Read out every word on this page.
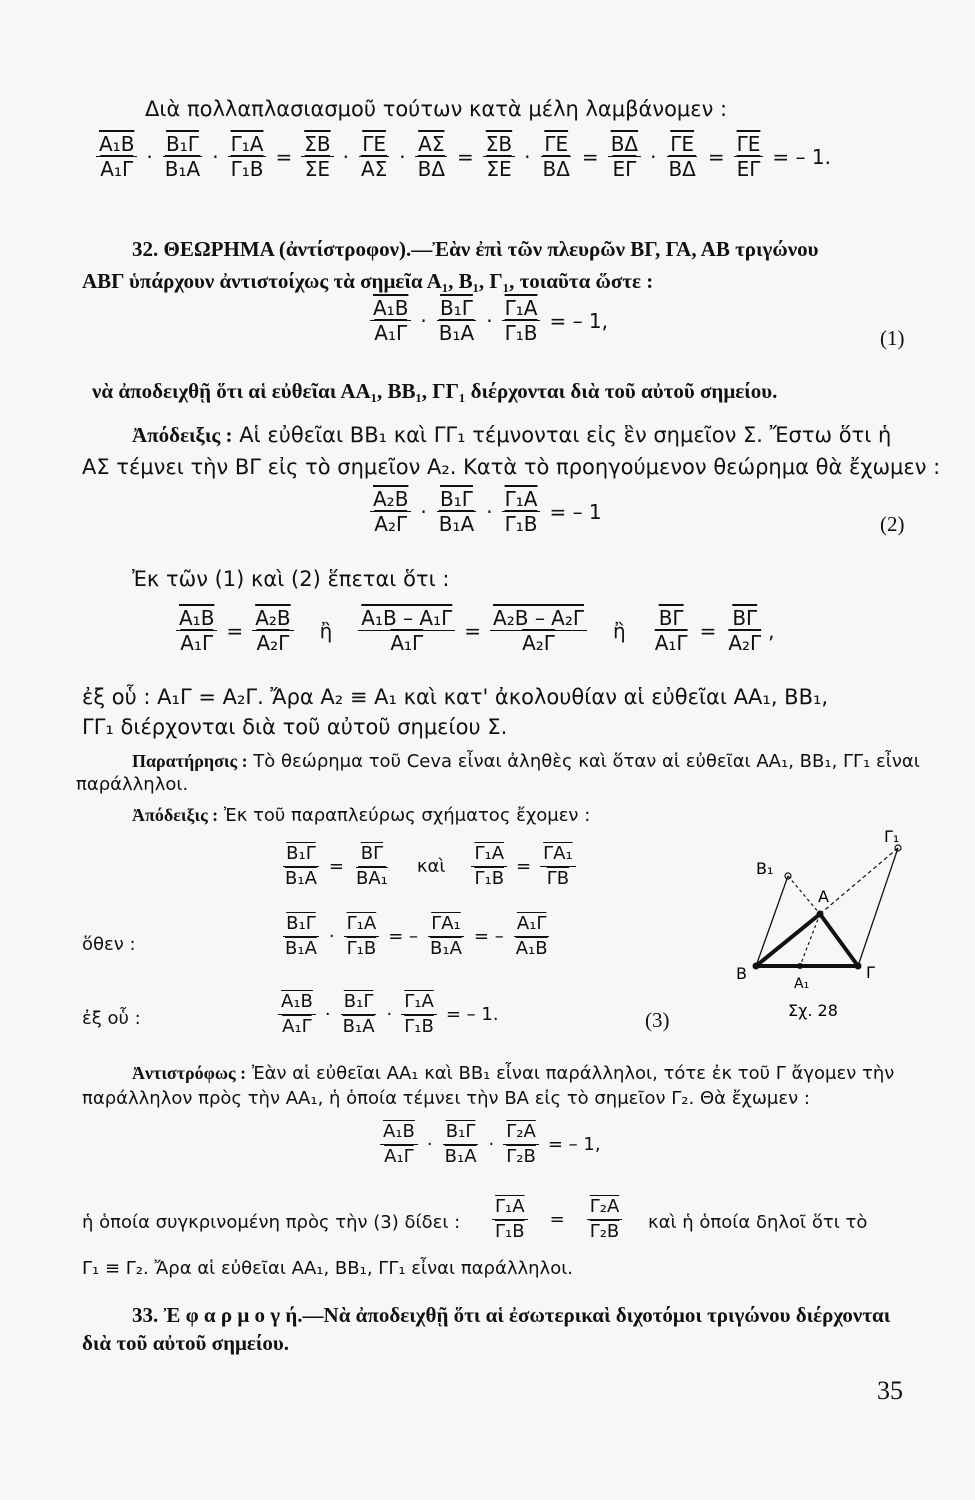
Διὰ πολλαπλασιασμοῦ τούτων κατὰ μέλη λαμβάνομεν :
$\frac{\text{Α₁Β}}{\text{Α₁Γ}} \cdot \frac{\text{Β₁Γ}}{\text{Β₁Α}} \cdot \frac{\text{Γ₁Α}}{\text{Γ₁Β}} = \frac{\overline{\Sigma B}}{\Sigma E} \cdot \frac{\overline{\Gamma E}}{A\Sigma} \cdot \frac{\overline{A\Sigma}}{B\Delta} = \frac{\overline{\Sigma B}}{\Sigma E} \cdot \frac{\overline{\Gamma E}}{B\Delta} = \frac{\overline{B\Delta}}{E\Gamma} \cdot \frac{\overline{\Gamma E}}{B\Delta} = \frac{\overline{\Gamma E}}{E\Gamma}$ = – 1.
32. ΘΕΩΡΗΜΑ (ἀντίστροφον).—Ἐὰν ἐπὶ τῶν πλευρῶν ΒΓ, ΓΑ, ΑΒ τριγώνου
ΑΒΓ ὑπάρχουν ἀντιστοίχως τὰ σημεῖα Α₁, Β₁, Γ₁, τοιαῦτα ὥστε :
$\frac{\text{Α₁Β}}{\text{Α₁Γ}} \cdot \frac{\text{Β₁Γ}}{\text{Β₁Α}} \cdot \frac{\text{Γ₁Α}}{\text{Γ₁Β}}$ = – 1,
(1)
νὰ ἀποδειχθῇ ὅτι αἱ εὐθεῖαι ΑΑ₁, ΒΒ₁, ΓΓ₁ διέρχονται διὰ τοῦ αὐτοῦ σημείου.
Ἀπόδειξις : Αἱ εὐθεῖαι ΒΒ₁ καὶ ΓΓ₁ τέμνονται εἰς ἓν σημεῖον Σ. Ἔστω ὅτι ἡ
ΑΣ τέμνει τὴν ΒΓ εἰς τὸ σημεῖον Α₂. Κατὰ τὸ προηγούμενον θεώρημα θὰ ἔχωμεν :
$\frac{\text{Α₂Β}}{\text{Α₂Γ}} \cdot \frac{\text{Β₁Γ}}{\text{Β₁Α}} \cdot \frac{\text{Γ₁Α}}{\text{Γ₁Β}}$ = – 1
(2)
Ἐκ τῶν (1) καὶ (2) ἕπεται ὅτι :
$\frac{\text{Α₁Β}}{\text{Α₁Γ}} = \frac{\text{Α₂Β}}{\text{Α₂Γ}}$ ἢ $\frac{\text{Α₁Β – Α₁Γ}}{\text{Α₁Γ}} = \frac{\text{Α₂Β – Α₂Γ}}{\text{Α₂Γ}}$ ἢ $\frac{\overline{B\Gamma}}{\text{Α₁Γ}} = \frac{\overline{B\Gamma}}{\text{Α₂Γ}}$ ,
ἐξ οὗ : Α₁Γ = Α₂Γ. Ἄρα Α₂ ≡ Α₁ καὶ κατ' ἀκολουθίαν αἱ εὐθεῖαι ΑΑ₁, ΒΒ₁,
ΓΓ₁ διέρχονται διὰ τοῦ αὐτοῦ σημείου Σ.
Παρατήρησις : Τὸ θεώρημα τοῦ Ceva εἶναι ἀληθὲς καὶ ὅταν αἱ εὐθεῖαι ΑΑ₁, ΒΒ₁, ΓΓ₁ εἶναι
παράλληλοι.
Ἀπόδειξις : Ἐκ τοῦ παραπλεύρως σχήματος ἔχομεν :
$\frac{\text{Β₁Γ}}{\text{Β₁Α}} = \frac{\overline{B\Gamma}}{\text{ΒΑ₁}}$ καὶ $\frac{\text{Γ₁Α}}{\text{Γ₁Β}} = \frac{\text{ΓΑ₁}}{\Gamma B}$
ὅθεν :	$\frac{\text{Β₁Γ}}{\text{Β₁Α}} \cdot \frac{\text{Γ₁Α}}{\text{Γ₁Β}}$ = – $\frac{\text{ΓΑ₁}}{\text{Β₁Α}}$ = – $\frac{\text{Α₁Γ}}{\text{Α₁Β}}$
ἐξ οὗ :	$\frac{\text{Α₁Β}}{\text{Α₁Γ}} \cdot \frac{\text{Β₁Γ}}{\text{Β₁Α}} \cdot \frac{\text{Γ₁Α}}{\text{Γ₁Β}}$ = – 1.	(3)
Β₁
Α
Γ₁
Β
Α₁
Γ
Σχ. 28
Ἀντιστρόφως : Ἐὰν αἱ εὐθεῖαι ΑΑ₁ καὶ ΒΒ₁ εἶναι παράλληλοι, τότε ἐκ τοῦ Γ ἄγομεν τὴν
παράλληλον πρὸς τὴν ΑΑ₁, ἡ ὁποία τέμνει τὴν ΒΑ εἰς τὸ σημεῖον Γ₂. Θὰ ἔχωμεν :
$\frac{\text{Α₁Β}}{\text{Α₁Γ}} \cdot \frac{\text{Β₁Γ}}{\text{Β₁Α}} \cdot \frac{\text{Γ₂Α}}{\text{Γ₂Β}}$ = – 1,
ἡ ὁποία συγκρινομένη πρὸς τὴν (3) δίδει : $\frac{\text{Γ₁Α}}{\text{Γ₁Β}} = \frac{\text{Γ₂Α}}{\text{Γ₂Β}}$ καὶ ἡ ὁποία δηλοῖ ὅτι τὸ
Γ₁ ≡ Γ₂. Ἄρα αἱ εὐθεῖαι ΑΑ₁, ΒΒ₁, ΓΓ₁ εἶναι παράλληλοι.
33. Ἐ φ α ρ μ ο γ ή.—Νὰ ἀποδειχθῇ ὅτι αἱ ἐσωτερικαὶ διχοτόμοι τριγώνου διέρχονται
διὰ τοῦ αὐτοῦ σημείου.
35
